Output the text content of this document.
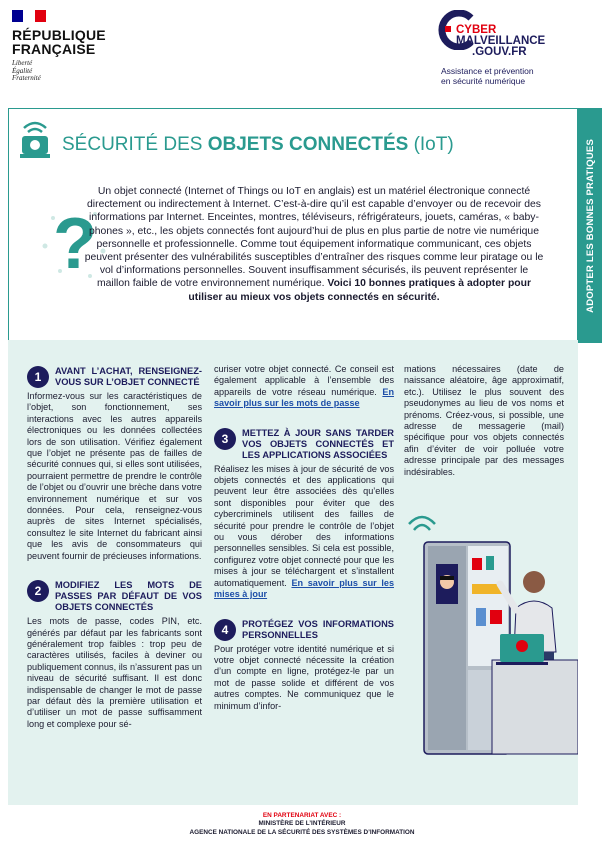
RÉPUBLIQUE
FRANÇAISE
Liberté
Égalité
Fraternité
CYBER
MALVEILLANCE
.GOUV.FR
Assistance et prévention
en sécurité numérique
ADOPTER LES BONNES PRATIQUES
SÉCURITÉ DES OBJETS CONNECTÉS (IoT)
?
Un objet connecté (Internet of Things ou IoT en anglais) est un matériel électronique connecté directement ou indirectement à Internet. C’est-à-dire qu’il est capable d’envoyer ou de recevoir des informations par Internet. Enceintes, montres, téléviseurs, réfrigérateurs, jouets, caméras, « baby-phones », etc., les objets connectés font aujourd’hui de plus en plus partie de notre vie numérique personnelle et professionnelle. Comme tout équipement informatique communicant, ces objets peuvent présenter des vulnérabilités susceptibles d’entraîner des risques comme leur piratage ou le vol d’informations personnelles. Souvent insuffisamment sécurisés, ils peuvent représenter le maillon faible de votre environnement numérique. Voici 10 bonnes pratiques à adopter pour utiliser au mieux vos objets connectés en sécurité.
1	AVANT L’ACHAT, RENSEIGNEZ-VOUS SUR L’OBJET CONNECTÉ
Informez-vous sur les caractéristiques de l’objet, son fonctionnement, ses interactions avec les autres appareils électroniques ou les données collectées lors de son utilisation. Vérifiez également que l’objet ne présente pas de failles de sécurité connues qui, si elles sont utilisées, pourraient permettre de prendre le contrôle de l’objet ou d’ouvrir une brèche dans votre environnement numérique et sur vos données. Pour cela, renseignez-vous auprès de sites Internet spécialisés, consultez le site Internet du fabricant ainsi que les avis de consommateurs qui peuvent fournir de précieuses informations.
2	MODIFIEZ LES MOTS DE PASSES PAR DÉFAUT DE VOS OBJETS CONNECTÉS
Les mots de passe, codes PIN, etc. générés par défaut par les fabricants sont généralement trop faibles : trop peu de caractères utilisés, faciles à deviner ou publiquement connus, ils n’assurent pas un niveau de sécurité suffisant. Il est donc indispensable de changer le mot de passe par défaut dès la première utilisation et d’utiliser un mot de passe suffisamment long et complexe pour sé-
curiser votre objet connecté. Ce conseil est également applicable à l’ensemble des appareils de votre réseau numérique. En savoir plus sur les mots de passe
3	METTEZ À JOUR SANS TARDER VOS OBJETS CONNECTÉS ET LES APPLICATIONS ASSOCIÉES
Réalisez les mises à jour de sécurité de vos objets connectés et des applications qui peuvent leur être associées dès qu’elles sont disponibles pour éviter que des cybercriminels utilisent des failles de sécurité pour prendre le contrôle de l’objet ou vous dérober des informations personnelles sensibles. Si cela est possible, configurez votre objet connecté pour que les mises à jour se téléchargent et s’installent automatiquement. En savoir plus sur les mises à jour
4	PROTÉGEZ VOS INFORMATIONS PERSONNELLES
Pour protéger votre identité numérique et si votre objet connecté nécessite la création d’un compte en ligne, protégez-le par un mot de passe solide et différent de vos autres comptes. Ne communiquez que le minimum d’infor-
mations nécessaires (date de naissance aléatoire, âge approximatif, etc.). Utilisez le plus souvent des pseudonymes au lieu de vos noms et prénoms. Créez-vous, si possible, une adresse de messagerie (mail) spécifique pour vos objets connectés afin d’éviter de voir polluée votre adresse principale par des messages indésirables.
EN PARTENARIAT AVEC :
MINISTÈRE DE L’INTÉRIEUR
AGENCE NATIONALE DE LA SÉCURITÉ DES SYSTÈMES D’INFORMATION
